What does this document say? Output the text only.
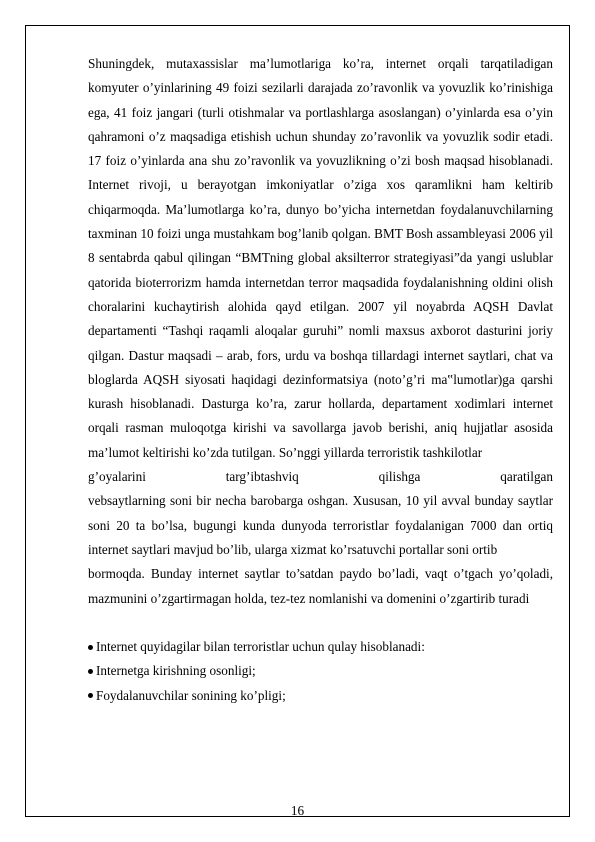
Shuningdek, mutaxassislar ma’lumotlariga ko’ra, internet orqali tarqatiladigan komyuter o’yinlarining 49 foizi sezilarli darajada zo’ravonlik va yovuzlik ko’rinishiga ega, 41 foiz jangari (turli otishmalar va portlashlarga asoslangan) o’yinlarda esa o’yin qahramoni o’z maqsadiga etishish uchun shunday zo’ravonlik va yovuzlik sodir etadi. 17 foiz o’yinlarda ana shu zo’ravonlik va yovuzlikning o’zi bosh maqsad hisoblanadi. Internet rivoji, u berayotgan imkoniyatlar o’ziga xos qaramlikni ham keltirib chiqarmoqda. Ma’lumotlarga ko’ra, dunyo bo’yicha internetdan foydalanuvchilarning taxminan 10 foizi unga mustahkam bog’lanib qolgan. BMT Bosh assambleyasi 2006 yil 8 sentabrda qabul qilingan “BMTning global aksilterror strategiyasi”da yangi uslublar qatorida bioterrorizm hamda internetdan terror maqsadida foydalanishning oldini olish choralarini kuchaytirish alohida qayd etilgan. 2007 yil noyabrda AQSH Davlat departamenti “Tashqi raqamli aloqalar guruhi” nomli maxsus axborot dasturini joriy qilgan. Dastur maqsadi – arab, fors, urdu va boshqa tillardagi internet saytlari, chat va bloglarda AQSH siyosati haqidagi dezinformatsiya (noto’g’ri ma‟lumotlar)ga qarshi kurash hisoblanadi. Dasturga ko’ra, zarur hollarda, departament xodimlari internet orqali rasman muloqotga kirishi va savollarga javob berishi, aniq hujjatlar asosida ma’lumot keltirishi ko’zda tutilgan. So’nggi yillarda terroristik tashkilotlar

g’oyalarini	targ’ibtashviq	qilishga	qaratilgan

vebsaytlarning soni bir necha barobarga oshgan. Xususan, 10 yil avval bunday saytlar soni 20 ta bo’lsa, bugungi kunda dunyoda terroristlar foydalanigan 7000 dan ortiq internet saytlari mavjud bo’lib, ularga xizmat ko’rsatuvchi portallar soni ortib

bormoqda. Bunday internet saytlar to’satdan paydo bo’ladi, vaqt o’tgach yo’qoladi, mazmunini o’zgartirmagan holda, tez-tez nomlanishi va domenini o’zgartirib turadi

Internet quyidagilar bilan terroristlar uchun qulay hisoblanadi:
Internetga kirishning osonligi;
Foydalanuvchilar sonining ko’pligi;
16
